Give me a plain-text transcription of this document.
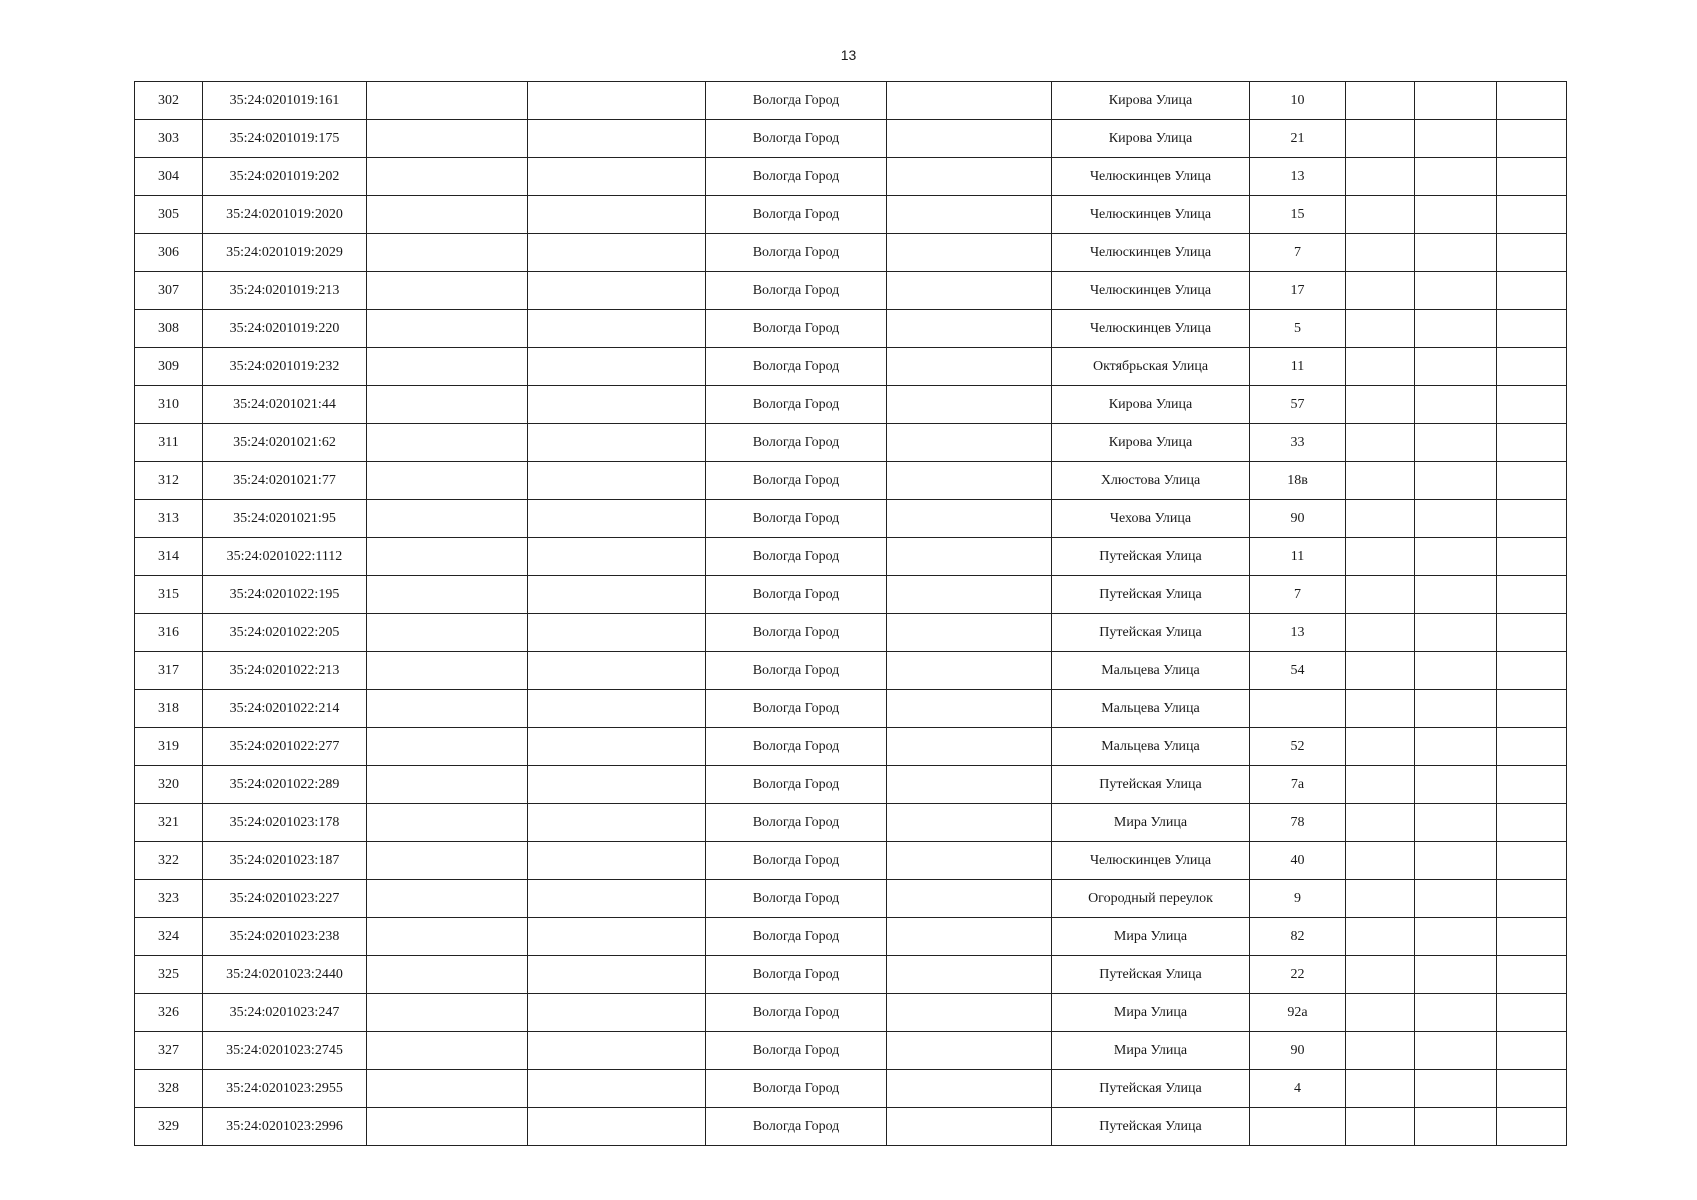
13
302	35:24:0201019:161			Вологда Город		Кирова Улица	10			
303	35:24:0201019:175			Вологда Город		Кирова Улица	21			
304	35:24:0201019:202			Вологда Город		Челюскинцев Улица	13			
305	35:24:0201019:2020			Вологда Город		Челюскинцев Улица	15			
306	35:24:0201019:2029			Вологда Город		Челюскинцев Улица	7			
307	35:24:0201019:213			Вологда Город		Челюскинцев Улица	17			
308	35:24:0201019:220			Вологда Город		Челюскинцев Улица	5			
309	35:24:0201019:232			Вологда Город		Октябрьская Улица	11			
310	35:24:0201021:44			Вологда Город		Кирова Улица	57			
311	35:24:0201021:62			Вологда Город		Кирова Улица	33			
312	35:24:0201021:77			Вологда Город		Хлюстова Улица	18в			
313	35:24:0201021:95			Вологда Город		Чехова Улица	90			
314	35:24:0201022:1112			Вологда Город		Путейская Улица	11			
315	35:24:0201022:195			Вологда Город		Путейская Улица	7			
316	35:24:0201022:205			Вологда Город		Путейская Улица	13			
317	35:24:0201022:213			Вологда Город		Мальцева Улица	54			
318	35:24:0201022:214			Вологда Город		Мальцева Улица				
319	35:24:0201022:277			Вологда Город		Мальцева Улица	52			
320	35:24:0201022:289			Вологда Город		Путейская Улица	7а			
321	35:24:0201023:178			Вологда Город		Мира Улица	78			
322	35:24:0201023:187			Вологда Город		Челюскинцев Улица	40			
323	35:24:0201023:227			Вологда Город		Огородный переулок	9			
324	35:24:0201023:238			Вологда Город		Мира Улица	82			
325	35:24:0201023:2440			Вологда Город		Путейская Улица	22			
326	35:24:0201023:247			Вологда Город		Мира Улица	92а			
327	35:24:0201023:2745			Вологда Город		Мира Улица	90			
328	35:24:0201023:2955			Вологда Город		Путейская Улица	4			
329	35:24:0201023:2996			Вологда Город		Путейская Улица				
